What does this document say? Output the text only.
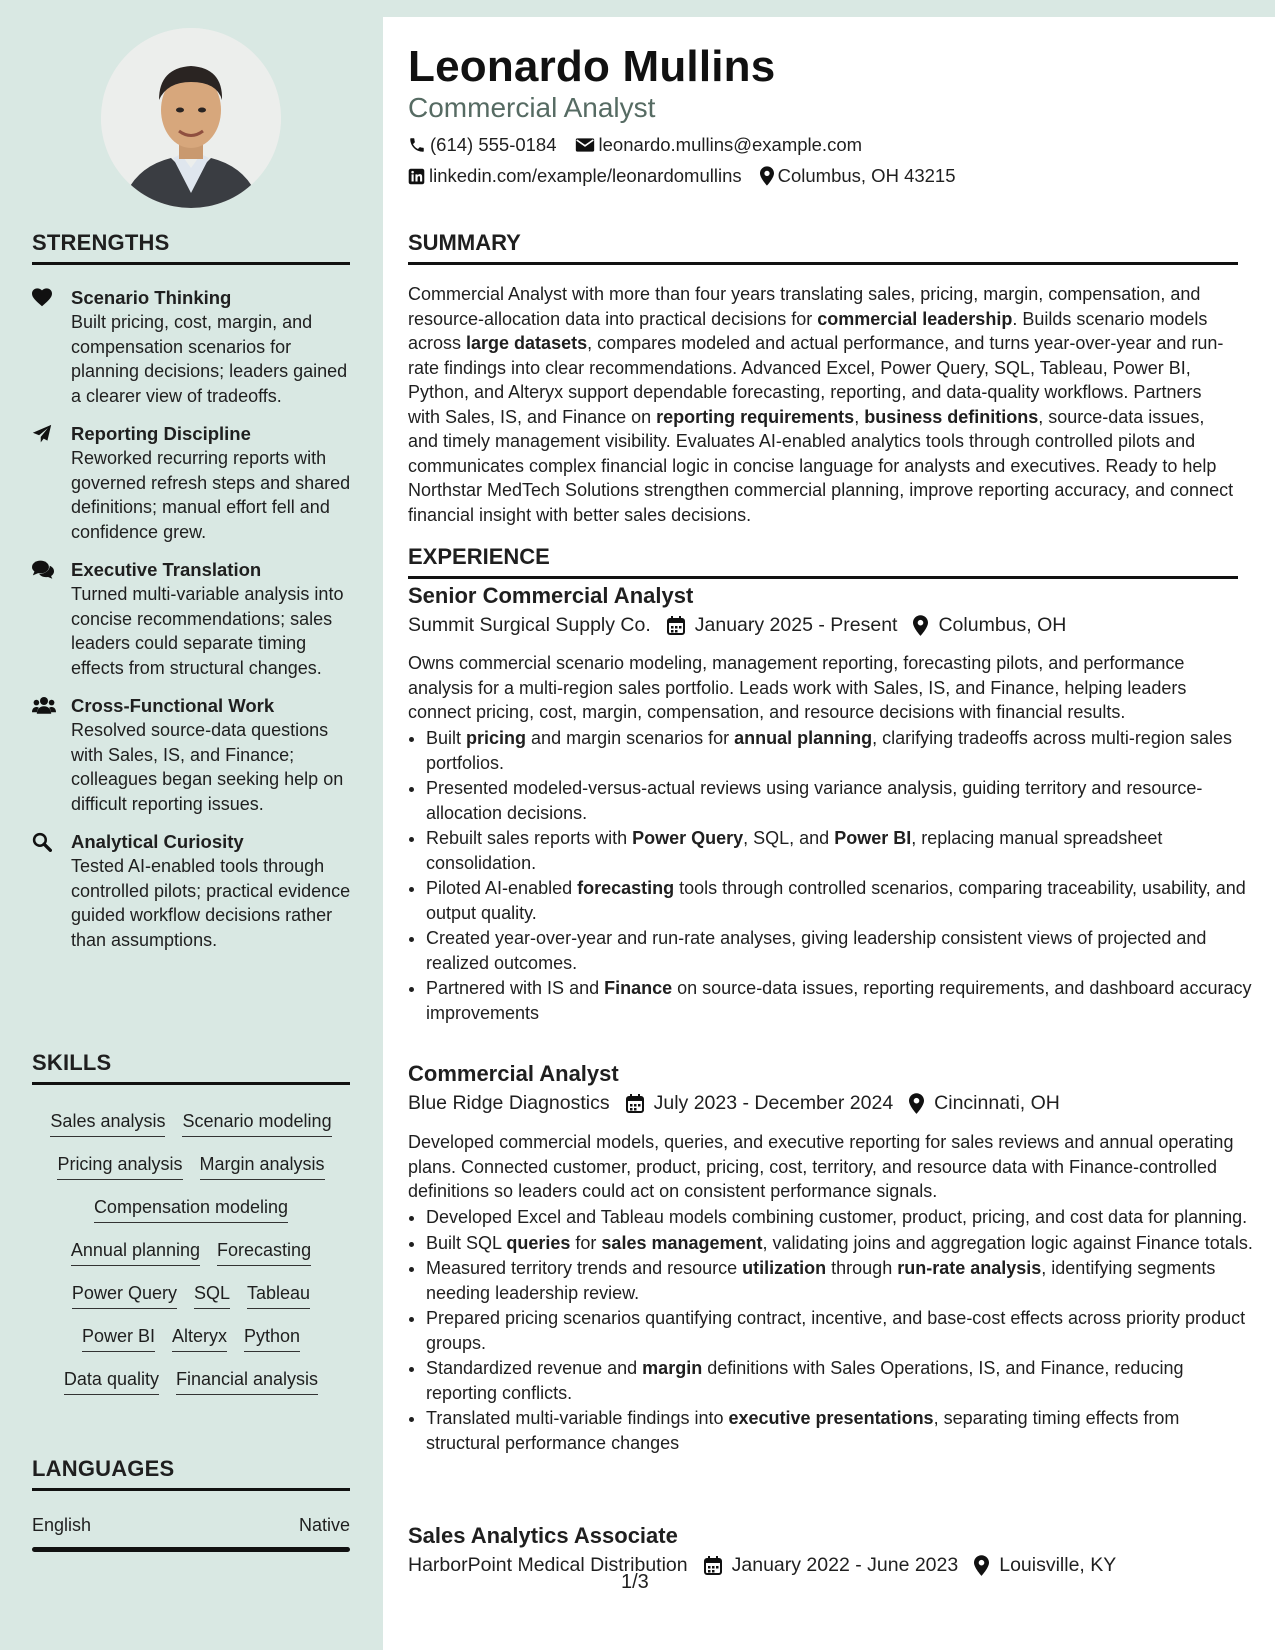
STRENGTHS
Scenario Thinking
Built pricing, cost, margin, and compensation scenarios for planning decisions; leaders gained a clearer view of tradeoffs.
Reporting Discipline
Reworked recurring reports with governed refresh steps and shared definitions; manual effort fell and confidence grew.
Executive Translation
Turned multi-variable analysis into concise recommendations; sales leaders could separate timing effects from structural changes.
Cross-Functional Work
Resolved source-data questions with Sales, IS, and Finance; colleagues began seeking help on difficult reporting issues.
Analytical Curiosity
Tested AI-enabled tools through controlled pilots; practical evidence guided workflow decisions rather than assumptions.
SKILLS
Sales analysis Scenario modeling
Pricing analysis Margin analysis
Compensation modeling
Annual planning Forecasting
Power Query SQL Tableau
Power BI Alteryx Python
Data quality Financial analysis
LANGUAGES
English	Native
Leonardo Mullins
Commercial Analyst
(614) 555-0184 leonardo.mullins@example.com
linkedin.com/example/leonardomullins Columbus, OH 43215
SUMMARY
Commercial Analyst with more than four years translating sales, pricing, margin, compensation, and resource-allocation data into practical decisions for commercial leadership. Builds scenario models across large datasets, compares modeled and actual performance, and turns year-over-year and run-rate findings into clear recommendations. Advanced Excel, Power Query, SQL, Tableau, Power BI, Python, and Alteryx support dependable forecasting, reporting, and data-quality workflows. Partners with Sales, IS, and Finance on reporting requirements, business definitions, source-data issues, and timely management visibility. Evaluates AI-enabled analytics tools through controlled pilots and communicates complex financial logic in concise language for analysts and executives. Ready to help Northstar MedTech Solutions strengthen commercial planning, improve reporting accuracy, and connect financial insight with better sales decisions.
EXPERIENCE
Senior Commercial Analyst
Summit Surgical Supply Co. January 2025 - Present Columbus, OH
Owns commercial scenario modeling, management reporting, forecasting pilots, and performance analysis for a multi-region sales portfolio. Leads work with Sales, IS, and Finance, helping leaders connect pricing, cost, margin, compensation, and resource decisions with financial results.
• Built pricing and margin scenarios for annual planning, clarifying tradeoffs across multi-region sales portfolios.
• Presented modeled-versus-actual reviews using variance analysis, guiding territory and resource-allocation decisions.
• Rebuilt sales reports with Power Query, SQL, and Power BI, replacing manual spreadsheet consolidation.
• Piloted AI-enabled forecasting tools through controlled scenarios, comparing traceability, usability, and output quality.
• Created year-over-year and run-rate analyses, giving leadership consistent views of projected and realized outcomes.
• Partnered with IS and Finance on source-data issues, reporting requirements, and dashboard accuracy improvements
Commercial Analyst
Blue Ridge Diagnostics July 2023 - December 2024 Cincinnati, OH
Developed commercial models, queries, and executive reporting for sales reviews and annual operating plans. Connected customer, product, pricing, cost, territory, and resource data with Finance-controlled definitions so leaders could act on consistent performance signals.
• Developed Excel and Tableau models combining customer, product, pricing, and cost data for planning.
• Built SQL queries for sales management, validating joins and aggregation logic against Finance totals.
• Measured territory trends and resource utilization through run-rate analysis, identifying segments needing leadership review.
• Prepared pricing scenarios quantifying contract, incentive, and base-cost effects across priority product groups.
• Standardized revenue and margin definitions with Sales Operations, IS, and Finance, reducing reporting conflicts.
• Translated multi-variable findings into executive presentations, separating timing effects from structural performance changes
Sales Analytics Associate
HarborPoint Medical Distribution January 2022 - June 2023 Louisville, KY
1/3
